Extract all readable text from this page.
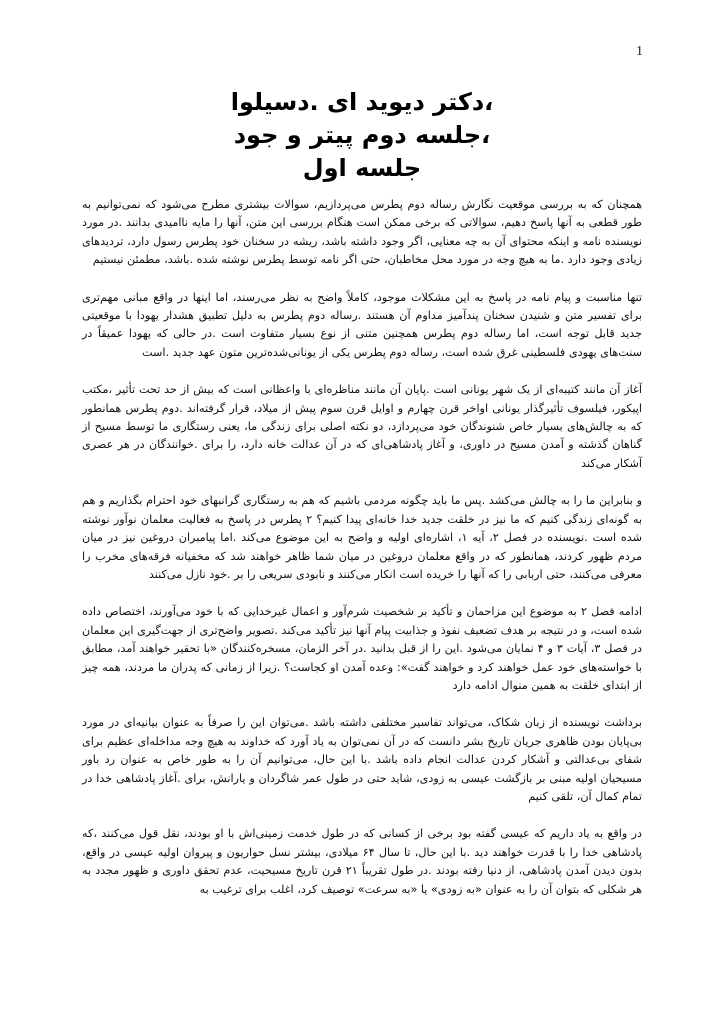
1
،دکتر دیوید ای .دسیلوا
،جلسه دوم پیتر و جود
جلسه اول

همچنان که به بررسی موقعیت نگارش رساله دوم پطرس می‌پردازیم، سوالات بیشتری مطرح می‌شود که نمی‌توانیم به طور قطعی به آنها پاسخ دهیم، سوالاتی که برخی ممکن است هنگام بررسی این متن، آنها را مایه ناامیدی بدانند .در مورد نویسنده نامه و اینکه محتوای آن به چه معنایی، اگر وجود داشته باشد، ریشه در سخنان خود پطرس رسول دارد، تردیدهای زیادی وجود دارد .ما به هیچ وجه در مورد محل مخاطبان، حتی اگر نامه توسط پطرس نوشته شده .باشد، مطمئن نیستیم

تنها مناسبت و پیام نامه در پاسخ به این مشکلات موجود، کاملاً واضح به نظر می‌رسند، اما اینها در واقع مبانی مهم‌تری برای تفسیر متن و شنیدن سخنان پندآمیز مداوم آن هستند .رساله دوم پطرس به دلیل تطبیق هشدار یهودا با موقعیتی جدید قابل توجه است، اما رساله دوم پطرس همچنین متنی از نوع بسیار متفاوت است .در حالی که یهودا عمیقاً در سنت‌های یهودی فلسطینی غرق شده است، رساله دوم پطرس یکی از یونانی‌شده‌ترین متون عهد جدید .است

آغاز آن مانند کتیبه‌ای از یک شهر یونانی است .پایان آن مانند مناظره‌ای با واعظانی است که بیش از حد تحت تأثیر ،مکتب اپیکور، فیلسوف تأثیرگذار یونانی اواخر قرن چهارم و اوایل قرن سوم پیش از میلاد، قرار گرفته‌اند .دوم پطرس همانطور که به چالش‌های بسیار خاص شنوندگان خود می‌پردازد، دو نکته اصلی برای زندگی ما، یعنی رستگاری ما توسط مسیح از گناهان گذشته و آمدن مسیح در داوری، و آغاز پادشاهی‌ای که در آن عدالت خانه دارد، را برای .خوانندگان در هر عصری آشکار می‌کند

و بنابراین ما را به چالش می‌کشد .پس ما باید چگونه مردمی باشیم که هم به رستگاری گرانبهای خود احترام بگذاریم و هم به گونه‌ای زندگی کنیم که ما نیز در خلقت جدید خدا خانه‌ای پیدا کنیم؟ ۲ پطرس در پاسخ به فعالیت معلمان نوآور نوشته شده است .نویسنده در فصل ۲، آیه ۱، اشاره‌ای اولیه و واضح به این موضوع می‌کند .اما پیامبران دروغین نیز در میان مردم ظهور کردند، همانطور که در واقع معلمان دروغین در میان شما ظاهر خواهند شد که مخفیانه فرقه‌های مخرب را معرفی می‌کنند، حتی اربابی را که آنها را خریده است انکار می‌کنند و نابودی سریعی را بر .خود نازل می‌کنند

ادامه فصل ۲ به موضوع این مزاحمان و تأکید بر شخصیت شرم‌آور و اعمال غیرخدایی که با خود می‌آورند، اختصاص داده شده است، و در نتیجه بر هدف تضعیف نفوذ و جذابیت پیام آنها نیز تأکید می‌کند .تصویر واضح‌تری از جهت‌گیری این معلمان در فصل ۳، آیات ۳ و ۴ نمایان می‌شود .این را از قبل بدانید .در آخر الزمان، مسخره‌کنندگان «با تحقیر خواهند آمد، مطابق با خواسته‌های خود عمل خواهند کرد و خواهند گفت»: وعده آمدن او کجاست؟ .زیرا از زمانی که پدران ما مردند، همه چیز از ابتدای خلقت به همین منوال ادامه دارد

برداشت نویسنده از زبان شکاک، می‌تواند تفاسیر مختلفی داشته باشد .می‌توان این را صرفاً به عنوان بیانیه‌ای در مورد بی‌پایان بودن ظاهری جریان تاریخ بشر دانست که در آن نمی‌توان به یاد آورد که خداوند به هیچ وجه مداخله‌ای عظیم برای شفای بی‌عدالتی و آشکار کردن عدالت انجام داده باشد .با این حال، می‌توانیم آن را به طور خاص به عنوان رد باور مسیحیان اولیه مبنی بر بازگشت عیسی به زودی، شاید حتی در طول عمر شاگردان و یارانش، برای .آغاز پادشاهی خدا در تمام کمال آن، تلقی کنیم

در واقع به یاد داریم که عیسی گفته بود برخی از کسانی که در طول خدمت زمینی‌اش با او بودند، نقل قول می‌کنند ،که پادشاهی خدا را با قدرت خواهند دید .با این حال، تا سال ۶۴ میلادی، بیشتر نسل حواریون و پیروان اولیه عیسی در واقع، بدون دیدن آمدن پادشاهی، از دنیا رفته بودند .در طول تقریباً ۲۱ قرن تاریخ مسیحیت، عدم تحقق داوری و ظهور مجدد به هر شکلی که بتوان آن را به عنوان «به زودی» یا «به سرعت» توصیف کرد، اغلب برای ترغیب به
